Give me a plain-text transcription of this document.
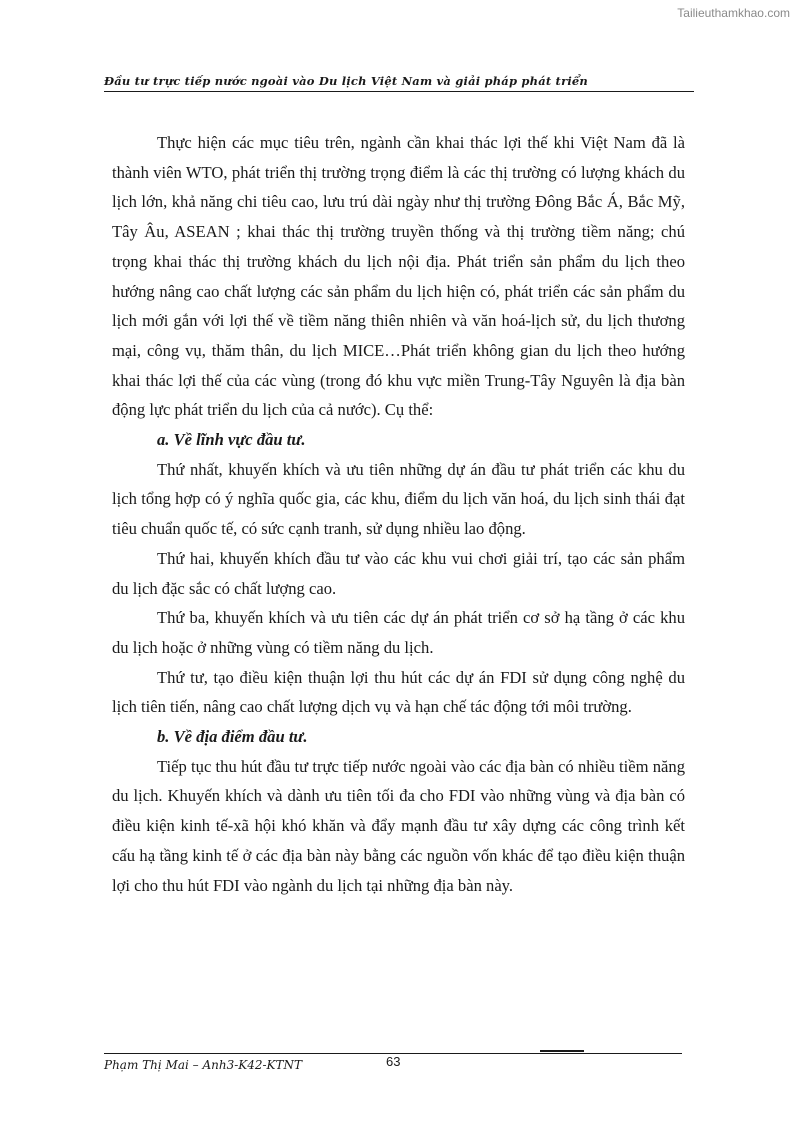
Tailieuthamkhao.com
Đầu tư trực tiếp nước ngoài vào Du lịch Việt Nam và giải pháp phát triển

Thực hiện các mục tiêu trên, ngành cần khai thác lợi thế khi Việt Nam đã là thành viên WTO, phát triển thị trường trọng điểm là các thị trường có lượng khách du lịch lớn, khả năng chi tiêu cao, lưu trú dài ngày như thị trường Đông Bắc Á, Bắc Mỹ, Tây Âu, ASEAN ; khai thác thị trường truyền thống và thị trường tiềm năng; chú trọng khai thác thị trường khách du lịch nội địa. Phát triển sản phẩm du lịch theo hướng nâng cao chất lượng các sản phẩm du lịch hiện có, phát triển các sản phẩm du lịch mới gắn với lợi thế về tiềm năng thiên nhiên và văn hoá-lịch sử, du lịch thương mại, công vụ, thăm thân, du lịch MICE…Phát triển không gian du lịch theo hướng khai thác lợi thế của các vùng (trong đó khu vực miền Trung-Tây Nguyên là địa bàn động lực phát triển du lịch của cả nước). Cụ thể:

a. Về lĩnh vực đầu tư.

Thứ nhất, khuyến khích và ưu tiên những dự án đầu tư phát triển các khu du lịch tổng hợp có ý nghĩa quốc gia, các khu, điểm du lịch văn hoá, du lịch sinh thái đạt tiêu chuẩn quốc tế, có sức cạnh tranh, sử dụng nhiều lao động.

Thứ hai, khuyến khích đầu tư vào các khu vui chơi giải trí, tạo các sản phẩm du lịch đặc sắc có chất lượng cao.

Thứ ba, khuyến khích và ưu tiên các dự án phát triển cơ sở hạ tầng ở các khu du lịch hoặc ở những vùng có tiềm năng du lịch.

Thứ tư, tạo điều kiện thuận lợi thu hút các dự án FDI sử dụng công nghệ du lịch tiên tiến, nâng cao chất lượng dịch vụ và hạn chế tác động tới môi trường.

b. Về địa điểm đầu tư.

Tiếp tục thu hút đầu tư trực tiếp nước ngoài vào các địa bàn có nhiều tiềm năng du lịch. Khuyến khích và dành ưu tiên tối đa cho FDI vào những vùng và địa bàn có điều kiện kinh tế-xã hội khó khăn và đẩy mạnh đầu tư xây dựng các công trình kết cấu hạ tầng kinh tế ở các địa bàn này bằng các nguồn vốn khác để tạo điều kiện thuận lợi cho thu hút FDI vào ngành du lịch tại những địa bàn này.

Phạm Thị Mai – Anh3-K42-KTNT	63
